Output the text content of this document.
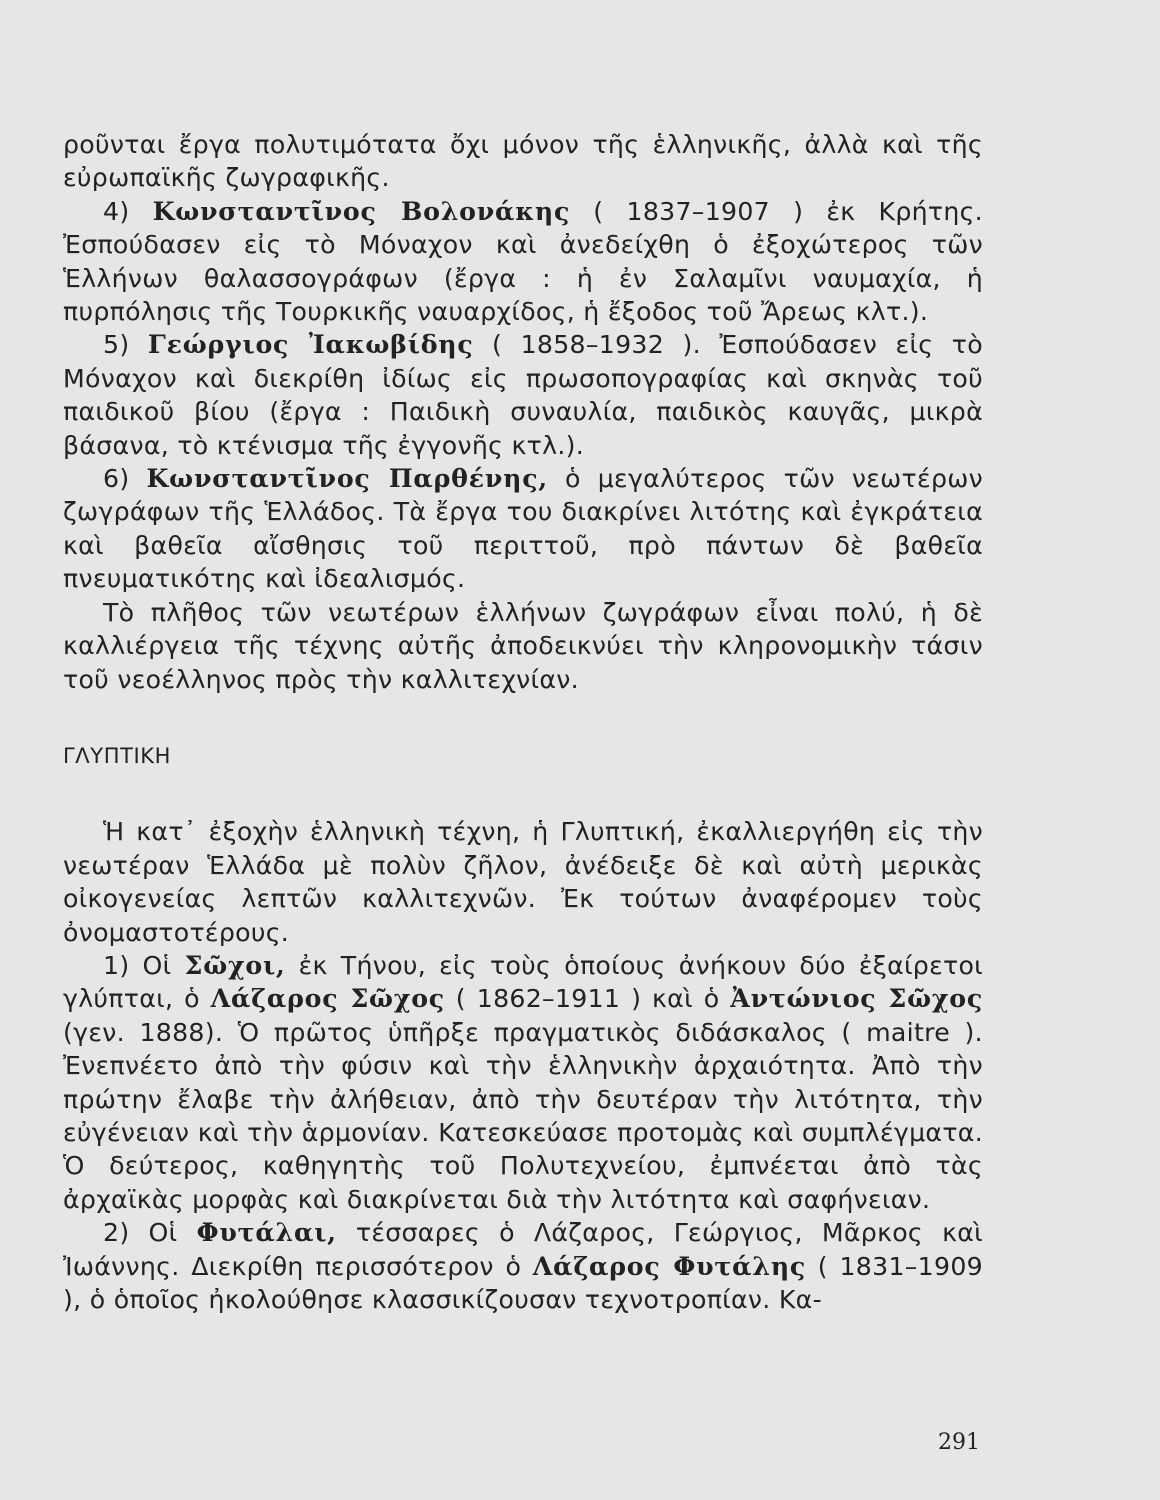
ροῦνται ἔργα πολυτιμότατα ὄχι μόνον τῆς ἑλληνικῆς, ἀλλὰ καὶ τῆς εὐρωπαϊκῆς ζωγραφικῆς.

4) Κωνσταντῖνος Βολονάκης ( 1837–1907 ) ἐκ Κρήτης. Ἐσπούδασεν εἰς τὸ Μόναχον καὶ ἀνεδείχθη ὁ ἐξοχώτερος τῶν Ἑλλήνων θαλασσογράφων (ἔργα : ἡ ἐν Σαλαμῖνι ναυμαχία, ἡ πυρπόλησις τῆς Τουρκικῆς ναυαρχίδος, ἡ ἔξοδος τοῦ Ἄρεως κλτ.).

5) Γεώργιος Ἰακωβίδης ( 1858–1932 ). Ἐσπούδασεν εἰς τὸ Μόναχον καὶ διεκρίθη ἰδίως εἰς πρωσοπογραφίας καὶ σκηνὰς τοῦ παιδικοῦ βίου (ἔργα : Παιδικὴ συναυλία, παιδικὸς καυγᾶς, μικρὰ βάσανα, τὸ κτένισμα τῆς ἐγγονῆς κτλ.).

6) Κωνσταντῖνος Παρθένης, ὁ μεγαλύτερος τῶν νεωτέρων ζωγράφων τῆς Ἑλλάδος. Τὰ ἔργα του διακρίνει λιτότης καὶ ἐγκράτεια καὶ βαθεῖα αἴσθησις τοῦ περιττοῦ, πρὸ πάντων δὲ βαθεῖα πνευματικότης καὶ ἰδεαλισμός.

Τὸ πλῆθος τῶν νεωτέρων ἑλλήνων ζωγράφων εἶναι πολύ, ἡ δὲ καλλιέργεια τῆς τέχνης αὐτῆς ἀποδεικνύει τὴν κληρονομικὴν τάσιν τοῦ νεοέλληνος πρὸς τὴν καλλιτεχνίαν.

ΓΛΥΠΤΙΚΗ

Ἡ κατ᾿ ἐξοχὴν ἑλληνικὴ τέχνη, ἡ Γλυπτική, ἐκαλλιεργήθη εἰς τὴν νεωτέραν Ἑλλάδα μὲ πολὺν ζῆλον, ἀνέδειξε δὲ καὶ αὐτὴ μερικὰς οἰκογενείας λεπτῶν καλλιτεχνῶν. Ἐκ τούτων ἀναφέρομεν τοὺς ὀνομαστοτέρους.

1) Οἱ Σῶχοι, ἐκ Τήνου, εἰς τοὺς ὁποίους ἀνήκουν δύο ἐξαίρετοι γλύπται, ὁ Λάζαρος Σῶχος ( 1862–1911 ) καὶ ὁ Ἀντώνιος Σῶχος (γεν. 1888). Ὁ πρῶτος ὑπῆρξε πραγματικὸς διδάσκαλος ( maitre ). Ἐνεπνέετο ἀπὸ τὴν φύσιν καὶ τὴν ἑλληνικὴν ἀρχαιότητα. Ἀπὸ τὴν πρώτην ἔλαβε τὴν ἀλήθειαν, ἀπὸ τὴν δευτέραν τὴν λιτότητα, τὴν εὐγένειαν καὶ τὴν ἁρμονίαν. Κατεσκεύασε προτομὰς καὶ συμπλέγματα. Ὁ δεύτερος, καθηγητὴς τοῦ Πολυτεχνείου, ἐμπνέεται ἀπὸ τὰς ἀρχαϊκὰς μορφὰς καὶ διακρίνεται διὰ τὴν λιτότητα καὶ σαφήνειαν.

2) Οἱ Φυτάλαι, τέσσαρες ὁ Λάζαρος, Γεώργιος, Μᾶρκος καὶ Ἰωάννης. Διεκρίθη περισσότερον ὁ Λάζαρος Φυτάλης ( 1831–1909 ), ὁ ὁποῖος ἠκολούθησε κλασσικίζουσαν τεχνοτροπίαν. Κα-

291
